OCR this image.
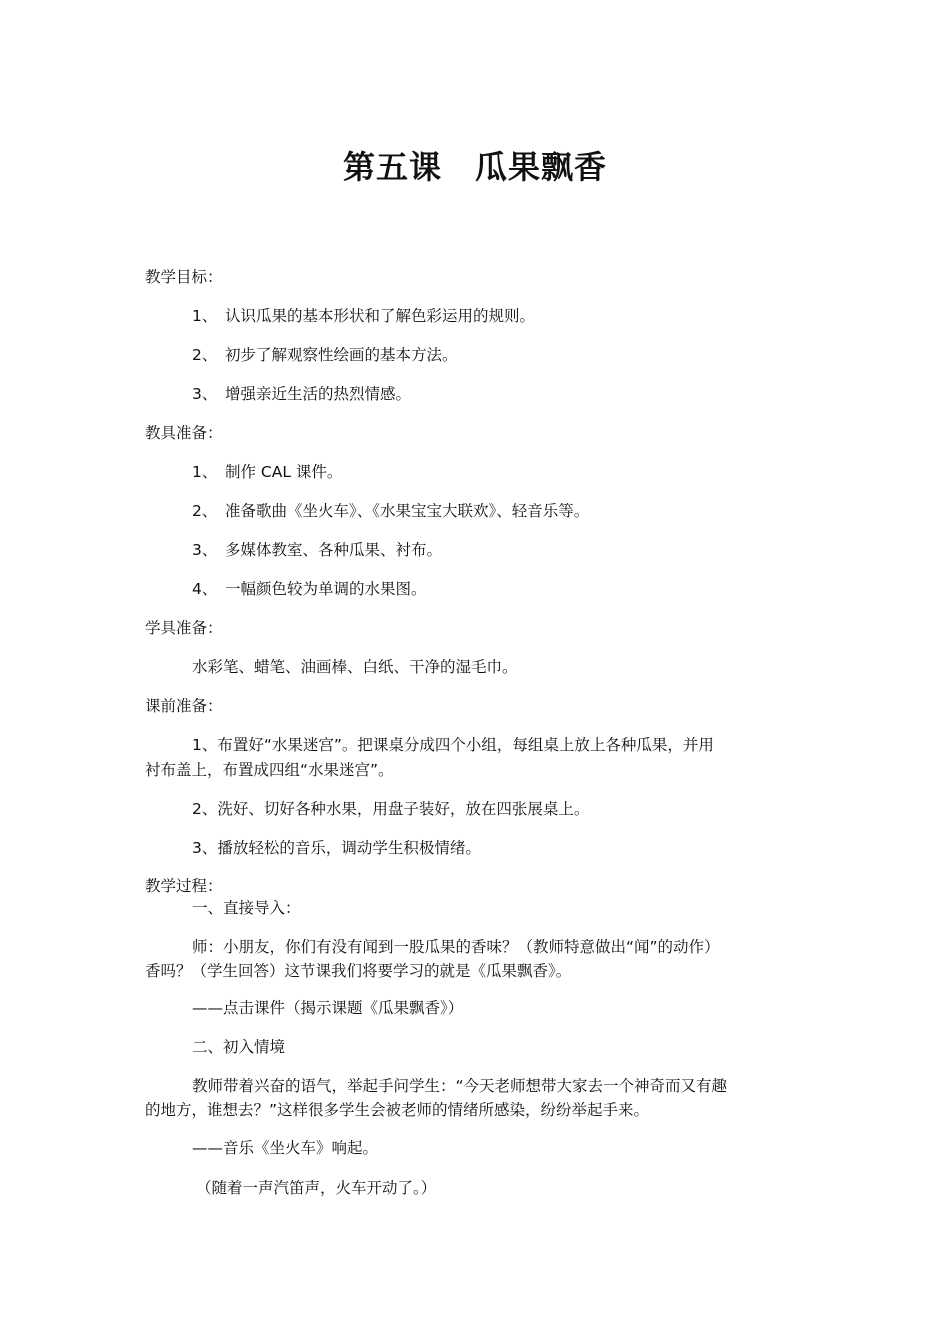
第五课　瓜果飘香
教学目标：
1、 认识瓜果的基本形状和了解色彩运用的规则。
2、 初步了解观察性绘画的基本方法。
3、 增强亲近生活的热烈情感。
教具准备：
1、 制作 CAL 课件。
2、 准备歌曲《坐火车》、《水果宝宝大联欢》、轻音乐等。
3、 多媒体教室、各种瓜果、衬布。
4、 一幅颜色较为单调的水果图。
学具准备：
水彩笔、蜡笔、油画棒、白纸、干净的湿毛巾。
课前准备：
1、布置好“水果迷宫”。把课桌分成四个小组，每组桌上放上各种瓜果，并用
衬布盖上，布置成四组“水果迷宫”。
2、洗好、切好各种水果，用盘子装好，放在四张展桌上。
3、播放轻松的音乐，调动学生积极情绪。
教学过程：
一、直接导入：
师：小朋友，你们有没有闻到一股瓜果的香味？（教师特意做出“闻”的动作）
香吗？（学生回答）这节课我们将要学习的就是《瓜果飘香》。
——点击课件（揭示课题《瓜果飘香》）
二、初入情境
教师带着兴奋的语气，举起手问学生：“今天老师想带大家去一个神奇而又有趣
的地方，谁想去？”这样很多学生会被老师的情绪所感染，纷纷举起手来。
——音乐《坐火车》响起。
（随着一声汽笛声，火车开动了。）
